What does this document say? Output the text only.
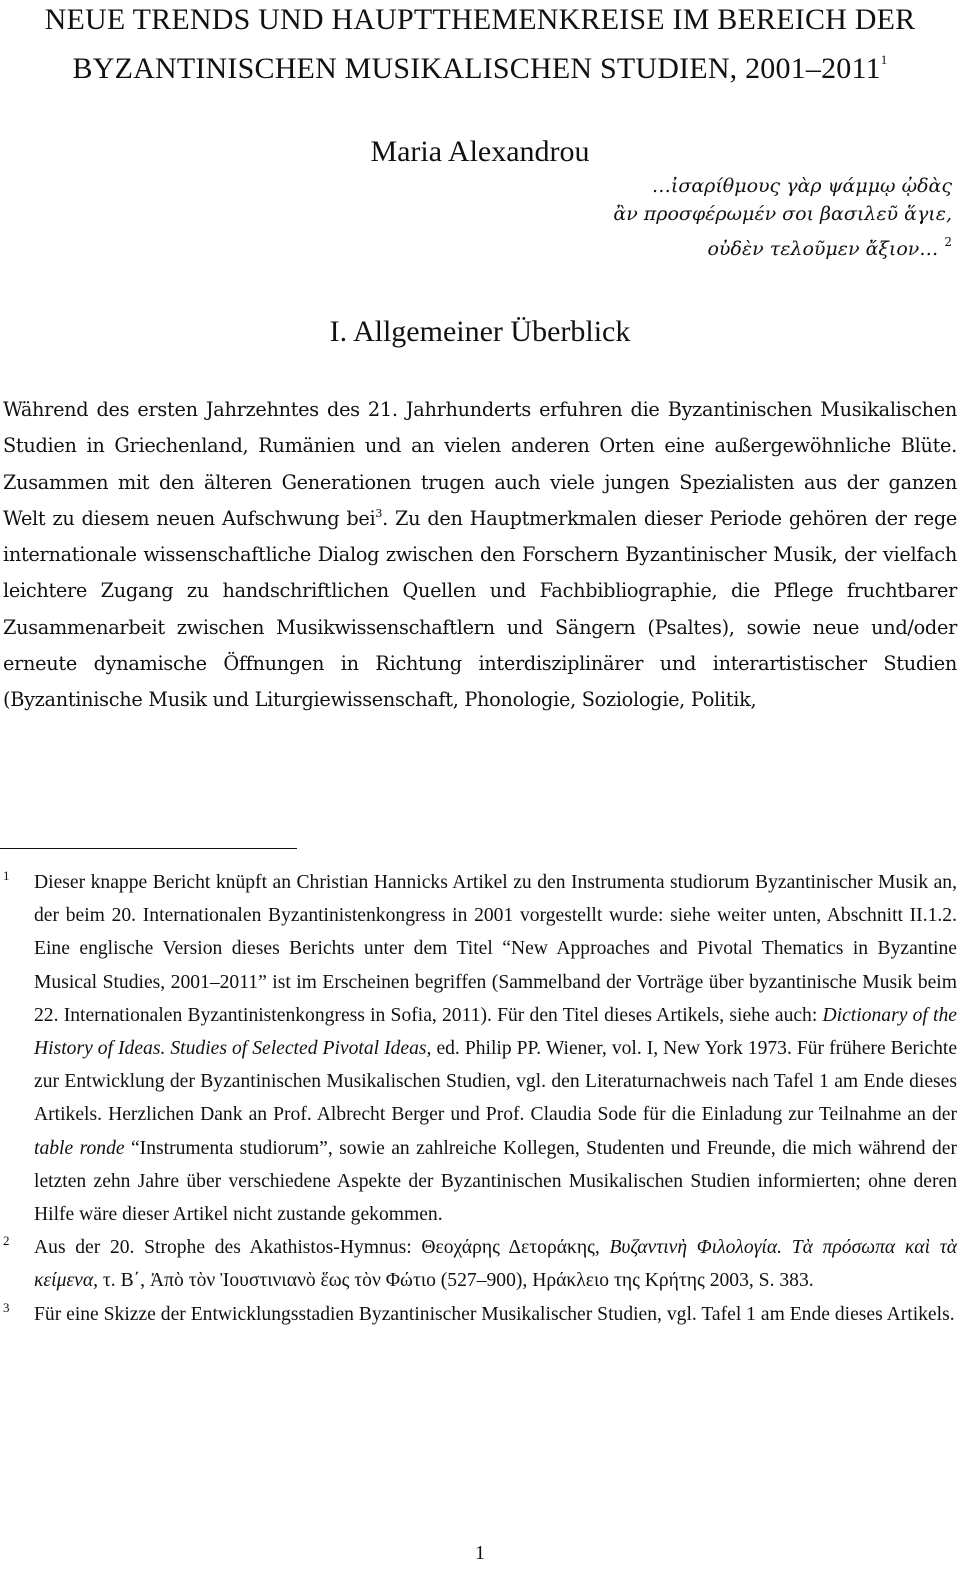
NEUE TRENDS UND HAUPTTHEMENKREISE IM BEREICH DER
BYZANTINISCHEN MUSIKALISCHEN STUDIEN, 2001–2011$^1$
Maria Alexandrou
…ἰσαρίθμους γὰρ ψάμμῳ ᾠδὰς
ἂν προσφέρωμέν σοι βασιλεῦ ἅγιε,
οὐδὲν τελοῦμεν ἄξιον… $^2$
I. Allgemeiner Überblick

Während des ersten Jahrzehntes des 21. Jahrhunderts erfuhren die Byzantinischen Musikalischen Studien in Griechenland, Rumänien und an vielen anderen Orten eine außergewöhnliche Blüte. Zusammen mit den älteren Generationen trugen auch viele jungen Spezialisten aus der ganzen Welt zu diesem neuen Aufschwung bei$^3$. Zu den Hauptmerkmalen dieser Periode gehören der rege internationale wissenschaftliche Dialog zwischen den Forschern Byzantinischer Musik, der vielfach leichtere Zugang zu handschriftlichen Quellen und Fachbibliographie, die Pflege fruchtbarer Zusammenarbeit zwischen Musikwissenschaftlern und Sängern (Psaltes), sowie neue und/oder erneute dynamische Öffnungen in Richtung interdisziplinärer und interartistischer Studien (Byzantinische Musik und Liturgiewissenschaft, Phonologie, Soziologie, Politik,

1 Dieser knappe Bericht knüpft an Christian Hannicks Artikel zu den Instrumenta studiorum Byzantinischer Musik an, der beim 20. Internationalen Byzantinistenkongress in 2001 vorgestellt wurde: siehe weiter unten, Abschnitt II.1.2. Eine englische Version dieses Berichts unter dem Titel “New Approaches and Pivotal Thematics in Byzantine Musical Studies, 2001–2011” ist im Erscheinen begriffen (Sammelband der Vorträge über byzantinische Musik beim 22. Internationalen Byzantinistenkongress in Sofia, 2011). Für den Titel dieses Artikels, siehe auch: Dictionary of the History of Ideas. Studies of Selected Pivotal Ideas, ed. Philip PP. Wiener, vol. I, New York 1973. Für frühere Berichte zur Entwicklung der Byzantinischen Musikalischen Studien, vgl. den Literaturnachweis nach Tafel 1 am Ende dieses Artikels. Herzlichen Dank an Prof. Albrecht Berger und Prof. Claudia Sode für die Einladung zur Teilnahme an der table ronde “Instrumenta studiorum”, sowie an zahlreiche Kollegen, Studenten und Freunde, die mich während der letzten zehn Jahre über verschiedene Aspekte der Byzantinischen Musikalischen Studien informierten; ohne deren Hilfe wäre dieser Artikel nicht zustande gekommen.

2 Aus der 20. Strophe des Akathistos-Hymnus: Θεοχάρης Δετοράκης, Βυζαντινὴ Φιλολογία. Τὰ πρόσωπα καὶ τὰ κείμενα, τ. Β΄, Ἀπὸ τὸν Ἰουστινιανὸ ἕως τὸν Φώτιο (527–900), Ηράκλειο της Κρήτης 2003, S. 383.

3 Für eine Skizze der Entwicklungsstadien Byzantinischer Musikalischer Studien, vgl. Tafel 1 am Ende dieses Artikels.

1
